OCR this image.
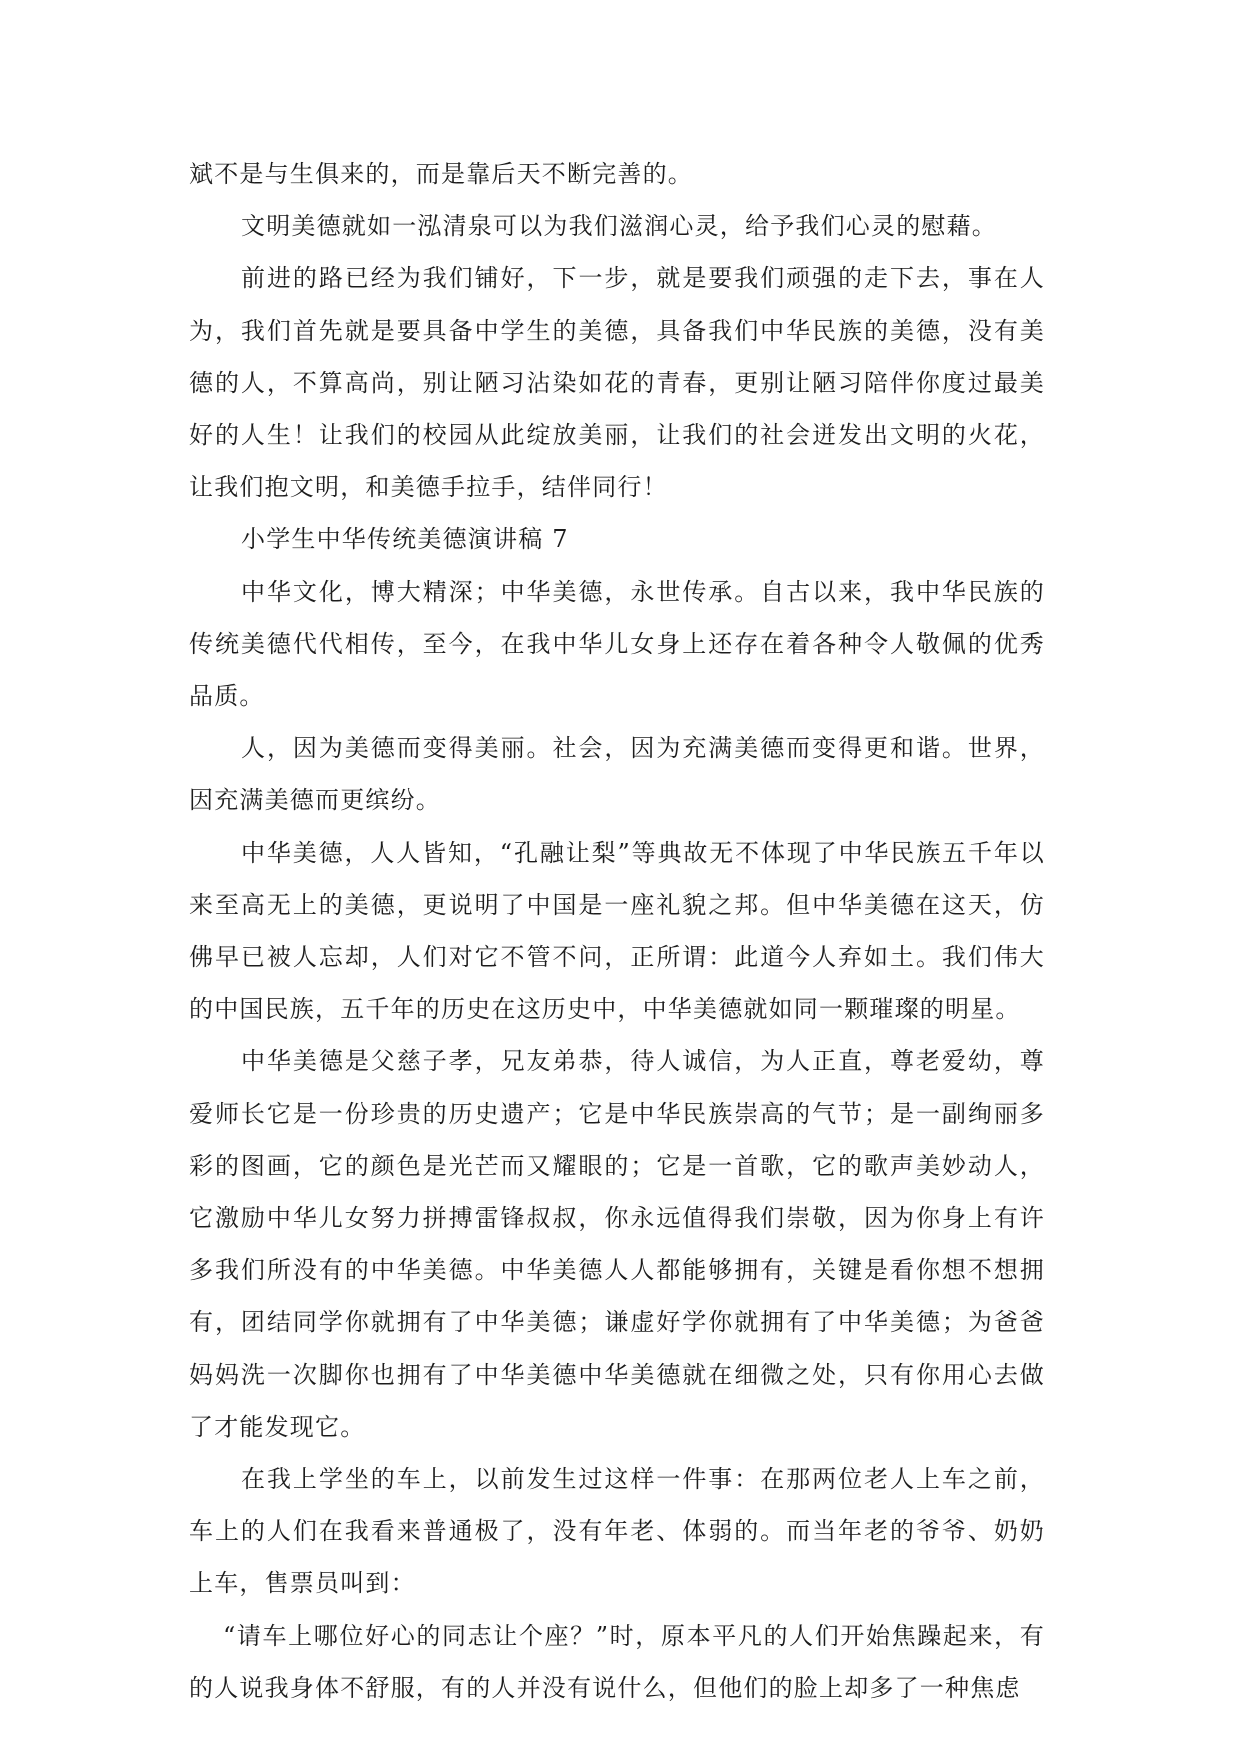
斌不是与生俱来的，而是靠后天不断完善的。

文明美德就如一泓清泉可以为我们滋润心灵，给予我们心灵的慰藉。

前进的路已经为我们铺好，下一步，就是要我们顽强的走下去，事在人为，我们首先就是要具备中学生的美德，具备我们中华民族的美德，没有美德的人，不算高尚，别让陋习沾染如花的青春，更别让陋习陪伴你度过最美好的人生！让我们的校园从此绽放美丽，让我们的社会迸发出文明的火花，让我们抱文明，和美德手拉手，结伴同行！

小学生中华传统美德演讲稿 7

中华文化，博大精深；中华美德，永世传承。自古以来，我中华民族的传统美德代代相传，至今，在我中华儿女身上还存在着各种令人敬佩的优秀品质。

人，因为美德而变得美丽。社会，因为充满美德而变得更和谐。世界，因充满美德而更缤纷。

中华美德，人人皆知，“孔融让梨”等典故无不体现了中华民族五千年以来至高无上的美德，更说明了中国是一座礼貌之邦。但中华美德在这天，仿佛早已被人忘却，人们对它不管不问，正所谓：此道今人弃如土。我们伟大的中国民族，五千年的历史在这历史中，中华美德就如同一颗璀璨的明星。

中华美德是父慈子孝，兄友弟恭，待人诚信，为人正直，尊老爱幼，尊爱师长它是一份珍贵的历史遗产；它是中华民族崇高的气节；是一副绚丽多彩的图画，它的颜色是光芒而又耀眼的；它是一首歌，它的歌声美妙动人，它激励中华儿女努力拼搏雷锋叔叔，你永远值得我们崇敬，因为你身上有许多我们所没有的中华美德。中华美德人人都能够拥有，关键是看你想不想拥有，团结同学你就拥有了中华美德；谦虚好学你就拥有了中华美德；为爸爸妈妈洗一次脚你也拥有了中华美德中华美德就在细微之处，只有你用心去做了才能发现它。

在我上学坐的车上，以前发生过这样一件事：在那两位老人上车之前，车上的人们在我看来普通极了，没有年老、体弱的。而当年老的爷爷、奶奶上车，售票员叫到：

“请车上哪位好心的同志让个座？”时，原本平凡的人们开始焦躁起来，有的人说我身体不舒服，有的人并没有说什么，但他们的脸上却多了一种焦虑
